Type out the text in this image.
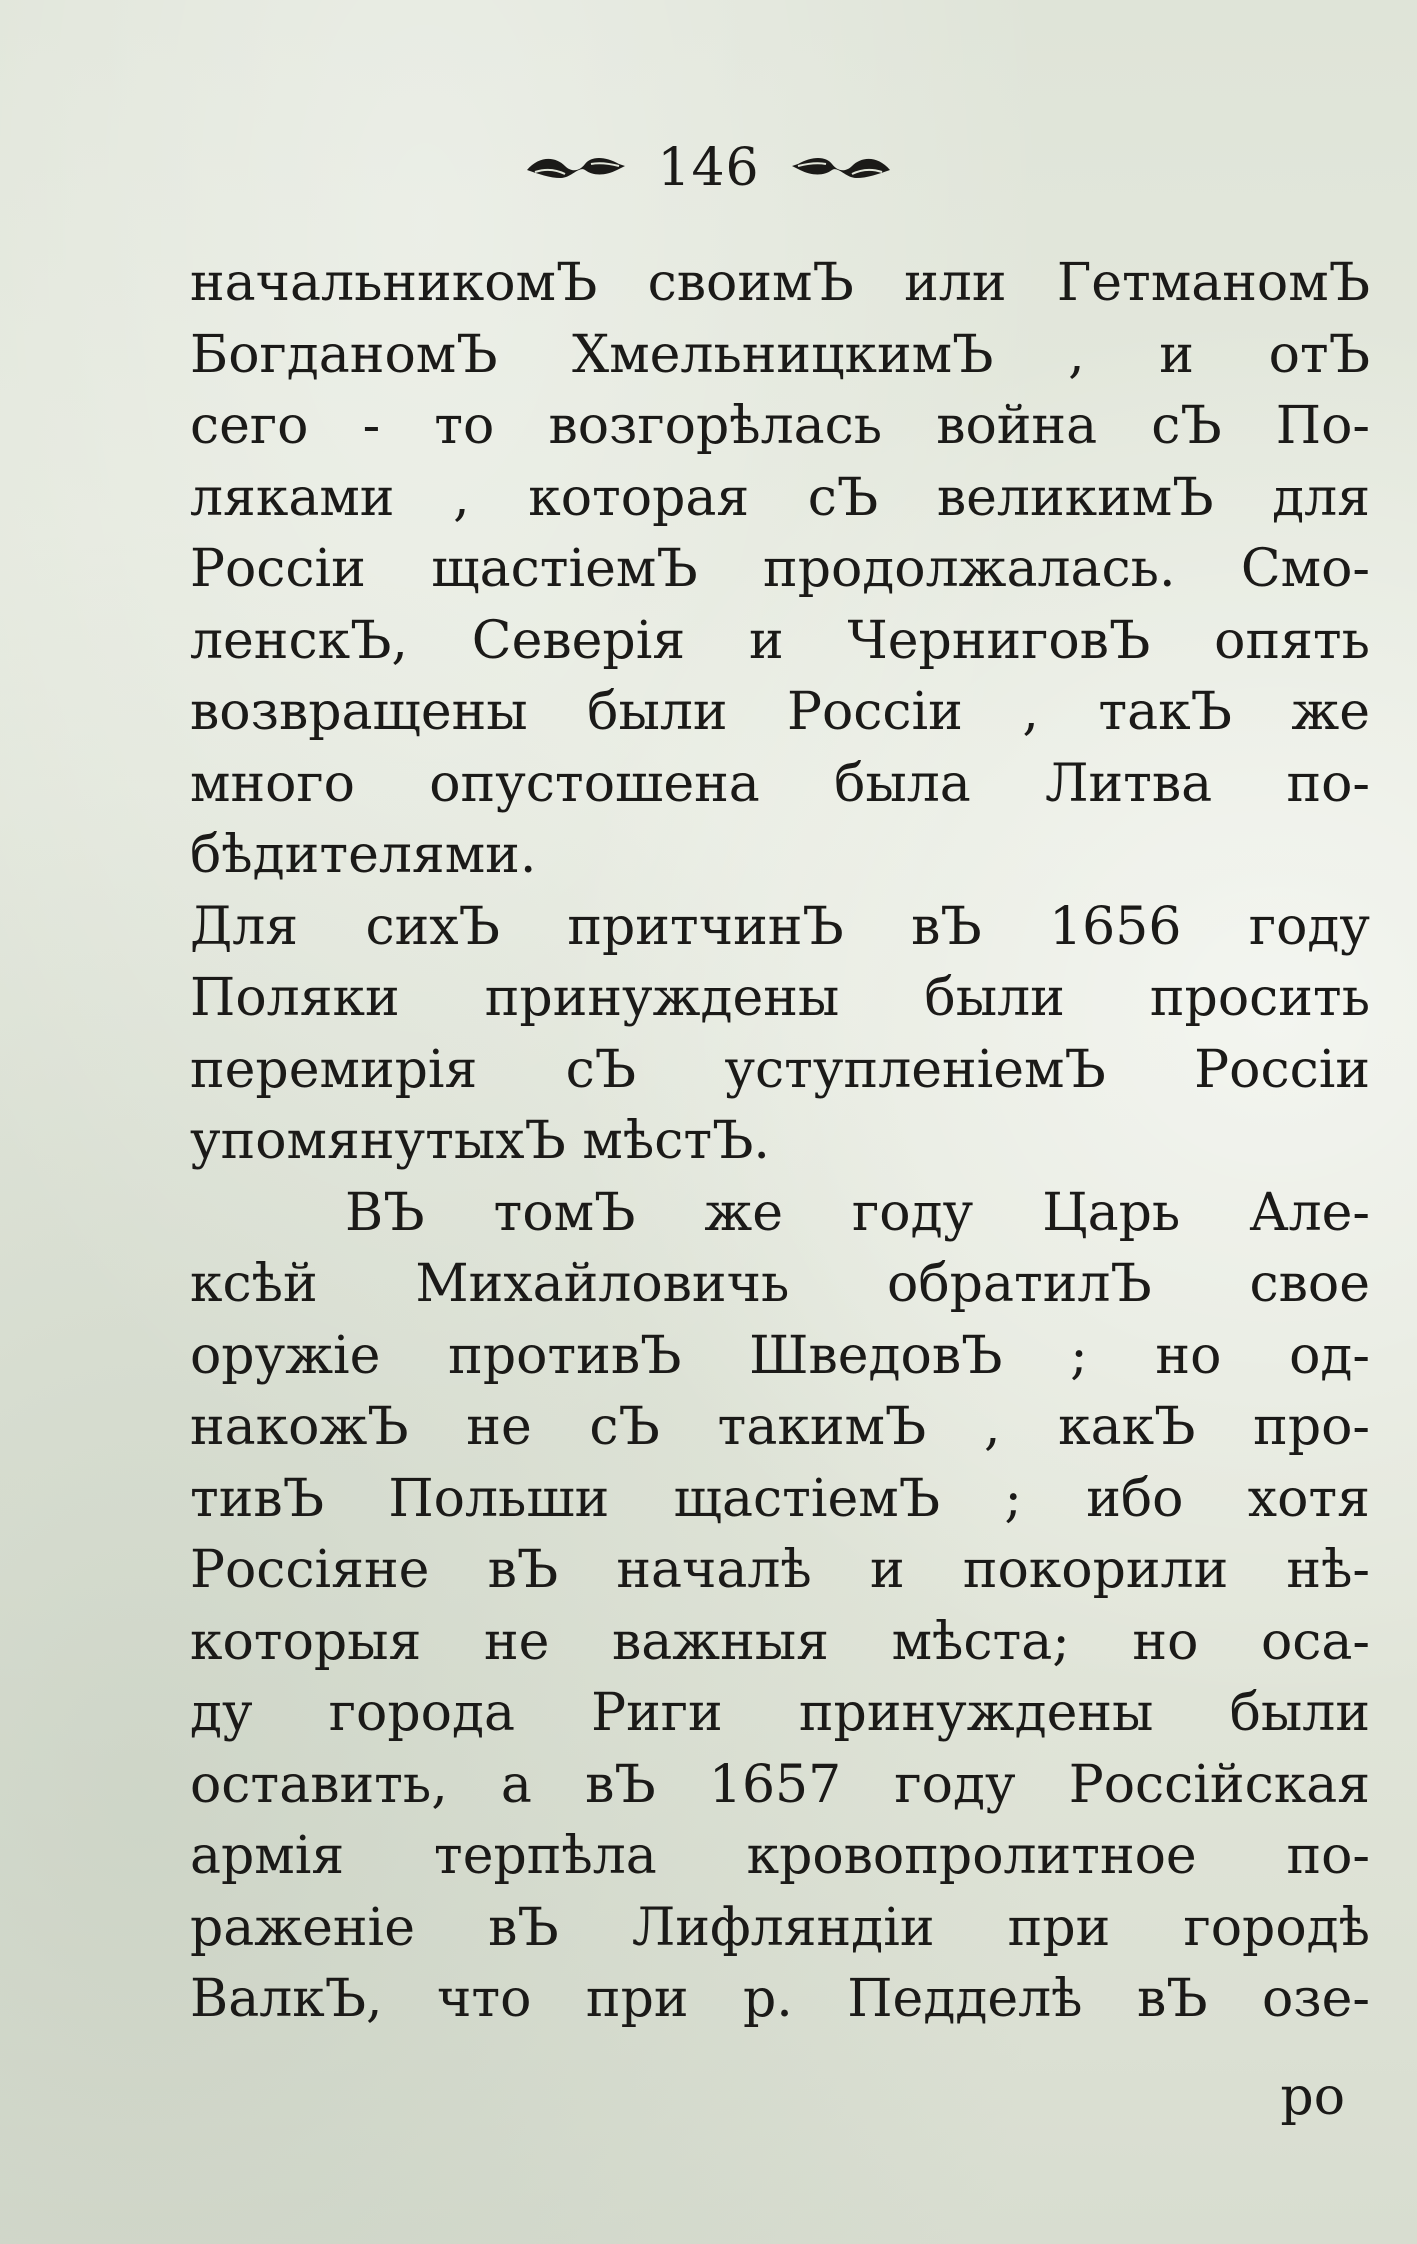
146
начальникомЪ своимЪ или ГетманомЪ
БогданомЪ ХмельницкимЪ , и отЪ
сего - то возгорѣлась война сЪ По-
ляками , которая сЪ великимЪ для
Россіи щастіемЪ продолжалась. Смо-
ленскЪ, Северія и ЧерниговЪ опять
возвращены были Россіи , такЪ же
много опустошена была Литва по-
бѣдителями.
Для сихЪ притчинЪ вЪ 1656 году
Поляки принуждены были просить
перемирія сЪ уступленіемЪ Россіи
упомянутыхЪ мѣстЪ.
ВЪ томЪ же году Царь Але-
ксѣй Михайловичь обратилЪ свое
оружіе противЪ ШведовЪ ; но од-
накожЪ не сЪ такимЪ , какЪ про-
тивЪ Польши щастіемЪ ; ибо хотя
Россіяне вЪ началѣ и покорили нѣ-
которыя не важныя мѣста; но оса-
ду города Риги принуждены были
оставить, а вЪ 1657 году Россійская
армія терпѣла кровопролитное по-
раженіе вЪ Лифляндіи при городѣ
ВалкЪ, что при р. Педделѣ вЪ озе-
ро
